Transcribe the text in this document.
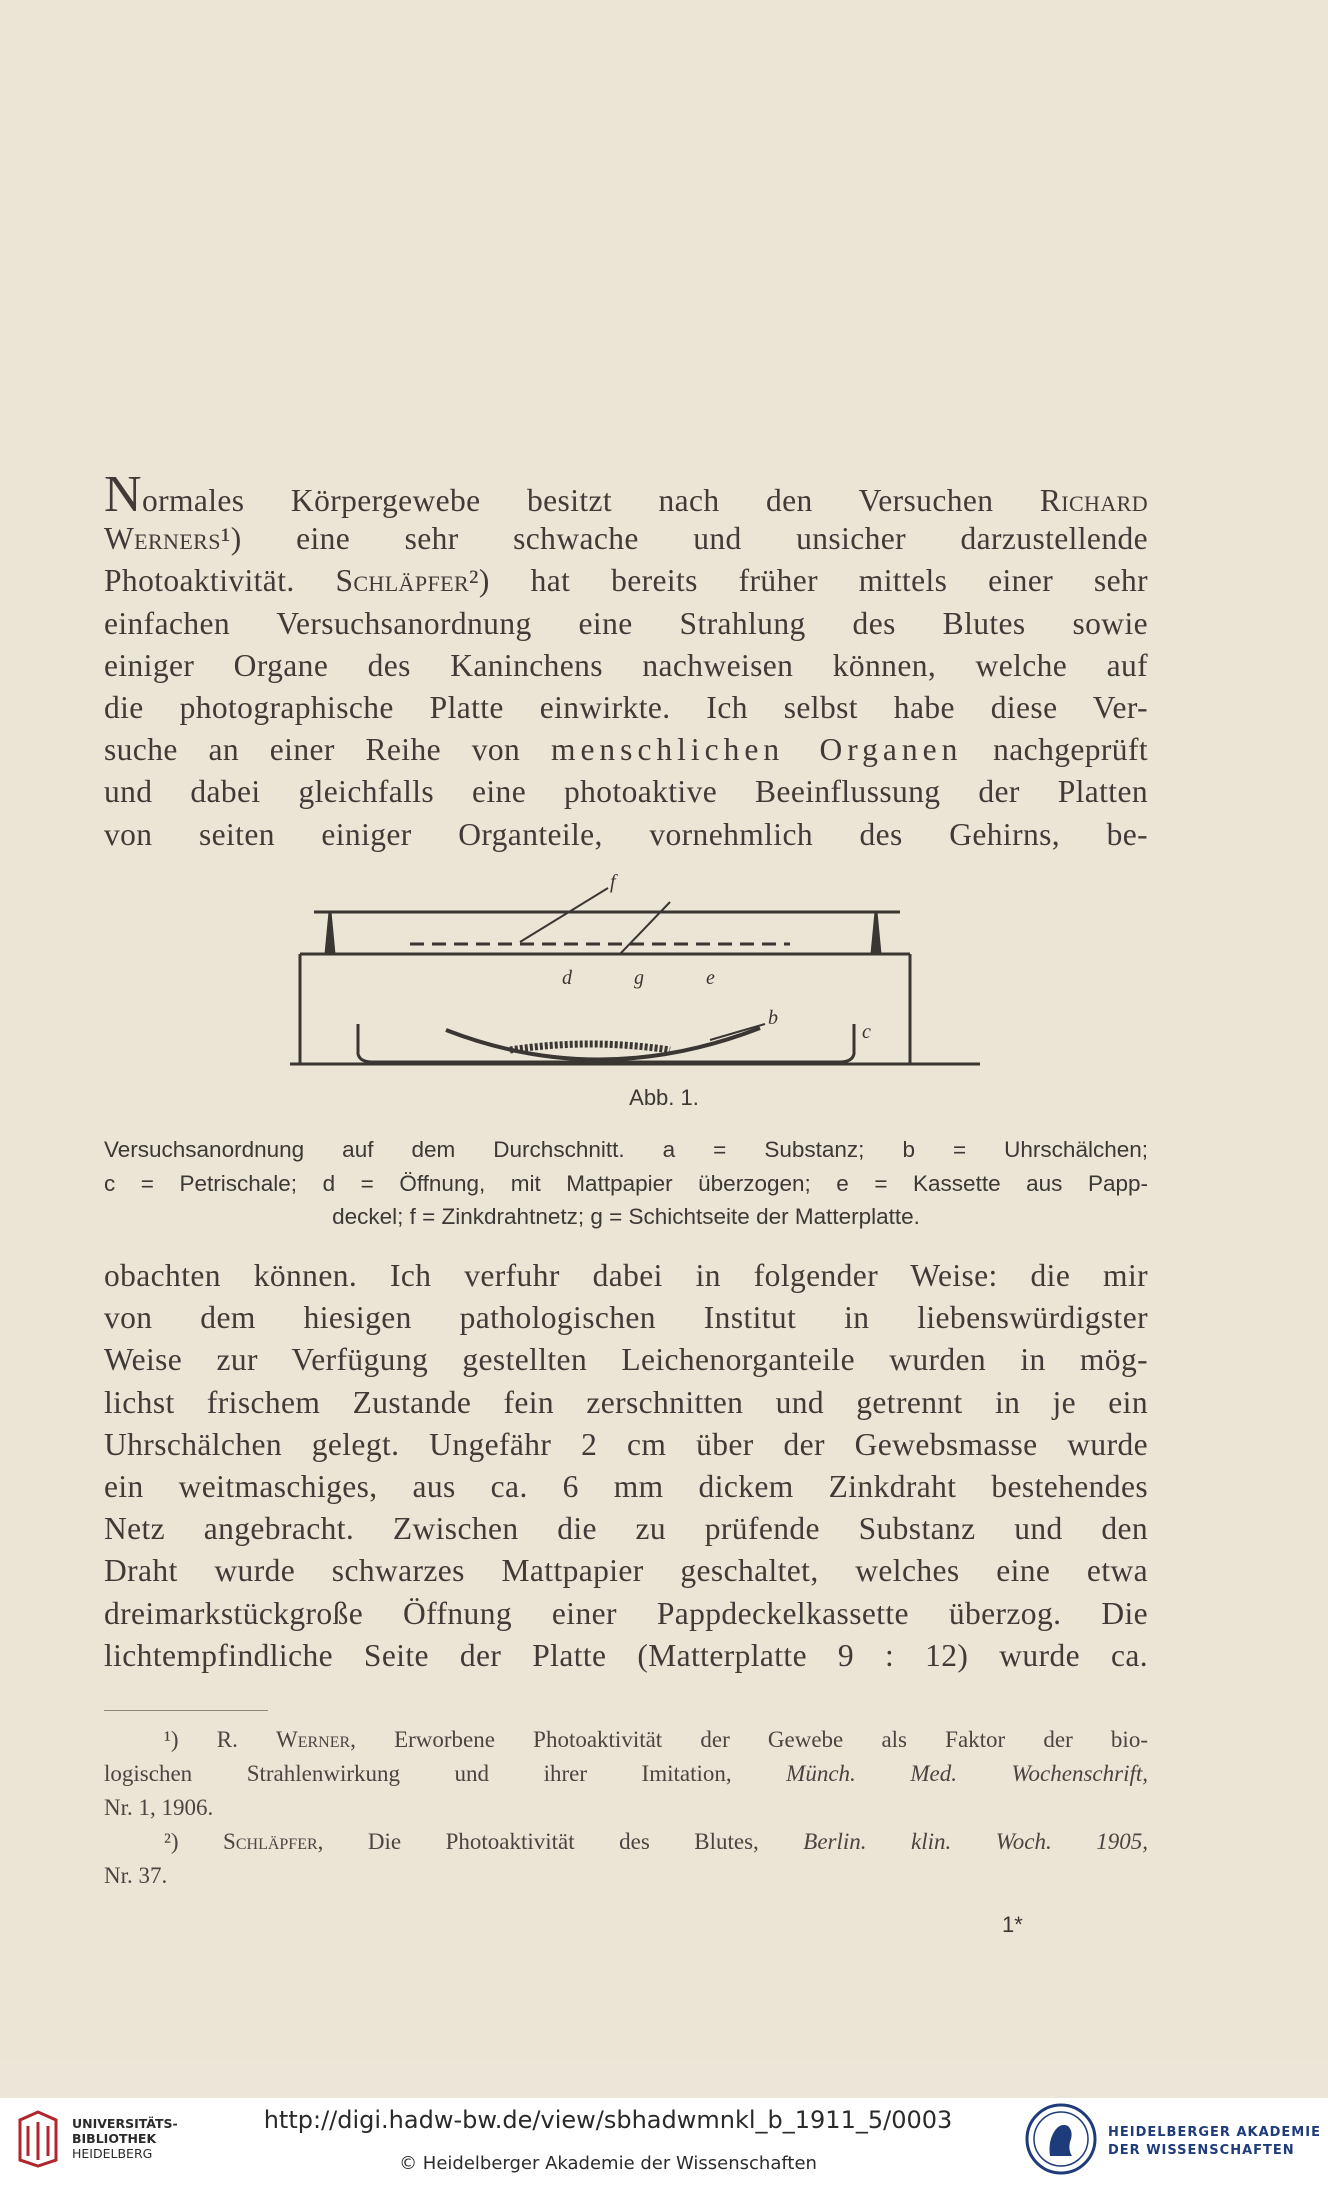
Normales Körpergewebe besitzt nach den Versuchen Richard
Werners¹) eine sehr schwache und unsicher darzustellende
Photoaktivität. Schläpfer²) hat bereits früher mittels einer sehr
einfachen Versuchsanordnung eine Strahlung des Blutes sowie
einiger Organe des Kaninchens nachweisen können, welche auf
die photographische Platte einwirkte. Ich selbst habe diese Ver-
suche an einer Reihe von menschlichen Organen nachgeprüft
und dabei gleichfalls eine photoaktive Beeinflussung der Platten
von seiten einiger Organteile, vornehmlich des Gehirns, be-
f
d	g	e
b
c
Abb. 1.
Versuchsanordnung auf dem Durchschnitt. a = Substanz; b = Uhrschälchen;
c = Petrischale; d = Öffnung, mit Mattpapier überzogen; e = Kassette aus Papp-
deckel; f = Zinkdrahtnetz; g = Schichtseite der Matterplatte.
obachten können. Ich verfuhr dabei in folgender Weise: die mir
von dem hiesigen pathologischen Institut in liebenswürdigster
Weise zur Verfügung gestellten Leichenorganteile wurden in mög-
lichst frischem Zustande fein zerschnitten und getrennt in je ein
Uhrschälchen gelegt. Ungefähr 2 cm über der Gewebsmasse wurde
ein weitmaschiges, aus ca. 6 mm dickem Zinkdraht bestehendes
Netz angebracht. Zwischen die zu prüfende Substanz und den
Draht wurde schwarzes Mattpapier geschaltet, welches eine etwa
dreimarkstückgroße Öffnung einer Pappdeckelkassette überzog. Die
lichtempfindliche Seite der Platte (Matterplatte 9 : 12) wurde ca.
¹) R. Werner, Erworbene Photoaktivität der Gewebe als Faktor der bio-
logischen Strahlenwirkung und ihrer Imitation, Münch. Med. Wochenschrift,
Nr. 1, 1906.
²) Schläpfer, Die Photoaktivität des Blutes, Berlin. klin. Woch. 1905,
Nr. 37.
1*
UNIVERSITÄTS-
BIBLIOTHEK
HEIDELBERG
http://digi.hadw-bw.de/view/sbhadwmnkl_b_1911_5/0003
© Heidelberger Akademie der Wissenschaften
HEIDELBERGER AKADEMIE
DER WISSENSCHAFTEN
